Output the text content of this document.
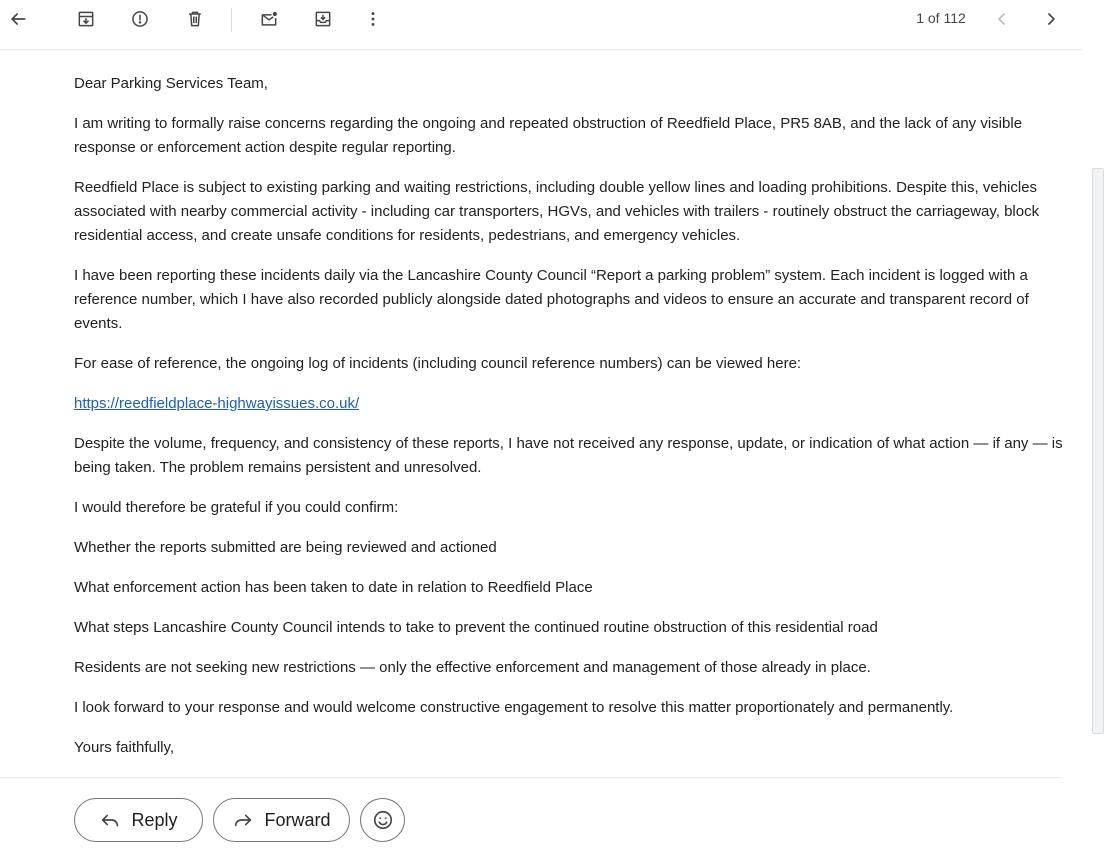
1 of 112

Dear Parking Services Team,

I am writing to formally raise concerns regarding the ongoing and repeated obstruction of Reedfield Place, PR5 8AB, and the lack of any visible response or enforcement action despite regular reporting.

Reedfield Place is subject to existing parking and waiting restrictions, including double yellow lines and loading prohibitions. Despite this, vehicles associated with nearby commercial activity - including car transporters, HGVs, and vehicles with trailers - routinely obstruct the carriageway, block residential access, and create unsafe conditions for residents, pedestrians, and emergency vehicles.

I have been reporting these incidents daily via the Lancashire County Council “Report a parking problem” system. Each incident is logged with a reference number, which I have also recorded publicly alongside dated photographs and videos to ensure an accurate and transparent record of events.

For ease of reference, the ongoing log of incidents (including council reference numbers) can be viewed here:

https://reedfieldplace-highwayissues.co.uk/

Despite the volume, frequency, and consistency of these reports, I have not received any response, update, or indication of what action — if any — is being taken. The problem remains persistent and unresolved.

I would therefore be grateful if you could confirm:

Whether the reports submitted are being reviewed and actioned

What enforcement action has been taken to date in relation to Reedfield Place

What steps Lancashire County Council intends to take to prevent the continued routine obstruction of this residential road

Residents are not seeking new restrictions — only the effective enforcement and management of those already in place.

I look forward to your response and would welcome constructive engagement to resolve this matter proportionately and permanently.

Yours faithfully,

Reply	Forward
